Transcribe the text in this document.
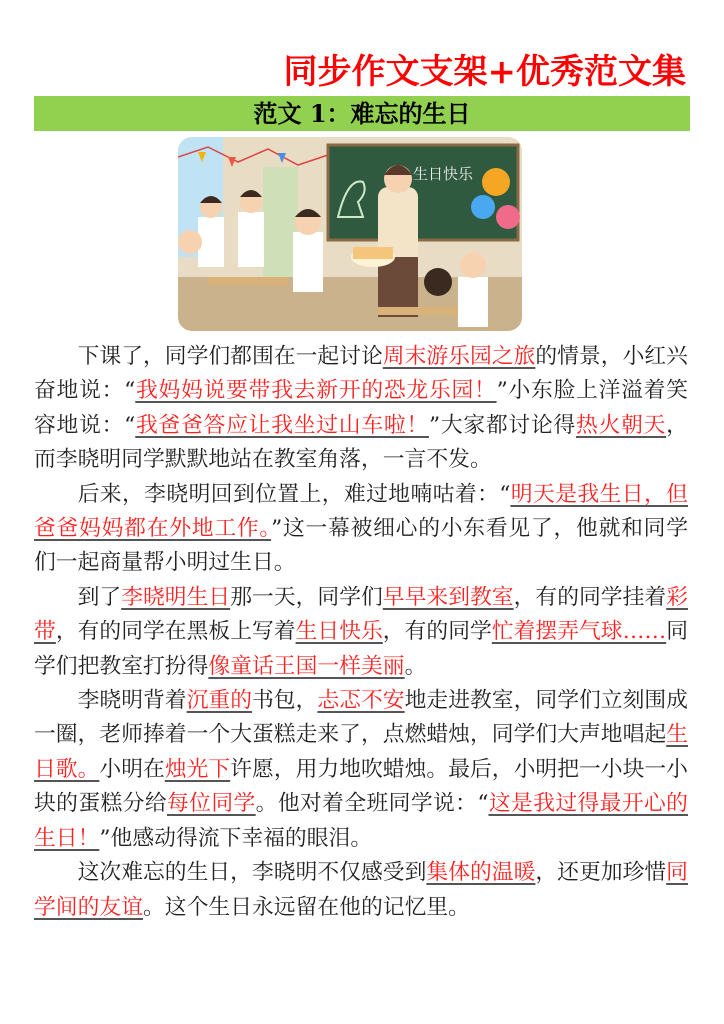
同步作文支架+优秀范文集
范文 1：难忘的生日
生日快乐

下课了，同学们都围在一起讨论周末游乐园之旅的情景，小红兴奋地说：“我妈妈说要带我去新开的恐龙乐园！”小东脸上洋溢着笑容地说：“我爸爸答应让我坐过山车啦！”大家都讨论得热火朝天，而李晓明同学默默地站在教室角落，一言不发。

后来，李晓明回到位置上，难过地喃咕着：“明天是我生日，但爸爸妈妈都在外地工作。”这一幕被细心的小东看见了，他就和同学们一起商量帮小明过生日。

到了李晓明生日那一天，同学们早早来到教室，有的同学挂着彩带，有的同学在黑板上写着生日快乐，有的同学忙着摆弄气球……同学们把教室打扮得像童话王国一样美丽。

李晓明背着沉重的书包，忐忑不安地走进教室，同学们立刻围成一圈，老师捧着一个大蛋糕走来了，点燃蜡烛，同学们大声地唱起生日歌。小明在烛光下许愿，用力地吹蜡烛。最后，小明把一小块一小块的蛋糕分给每位同学。他对着全班同学说：“这是我过得最开心的生日！”他感动得流下幸福的眼泪。

这次难忘的生日，李晓明不仅感受到集体的温暖，还更加珍惜同学间的友谊。这个生日永远留在他的记忆里。
